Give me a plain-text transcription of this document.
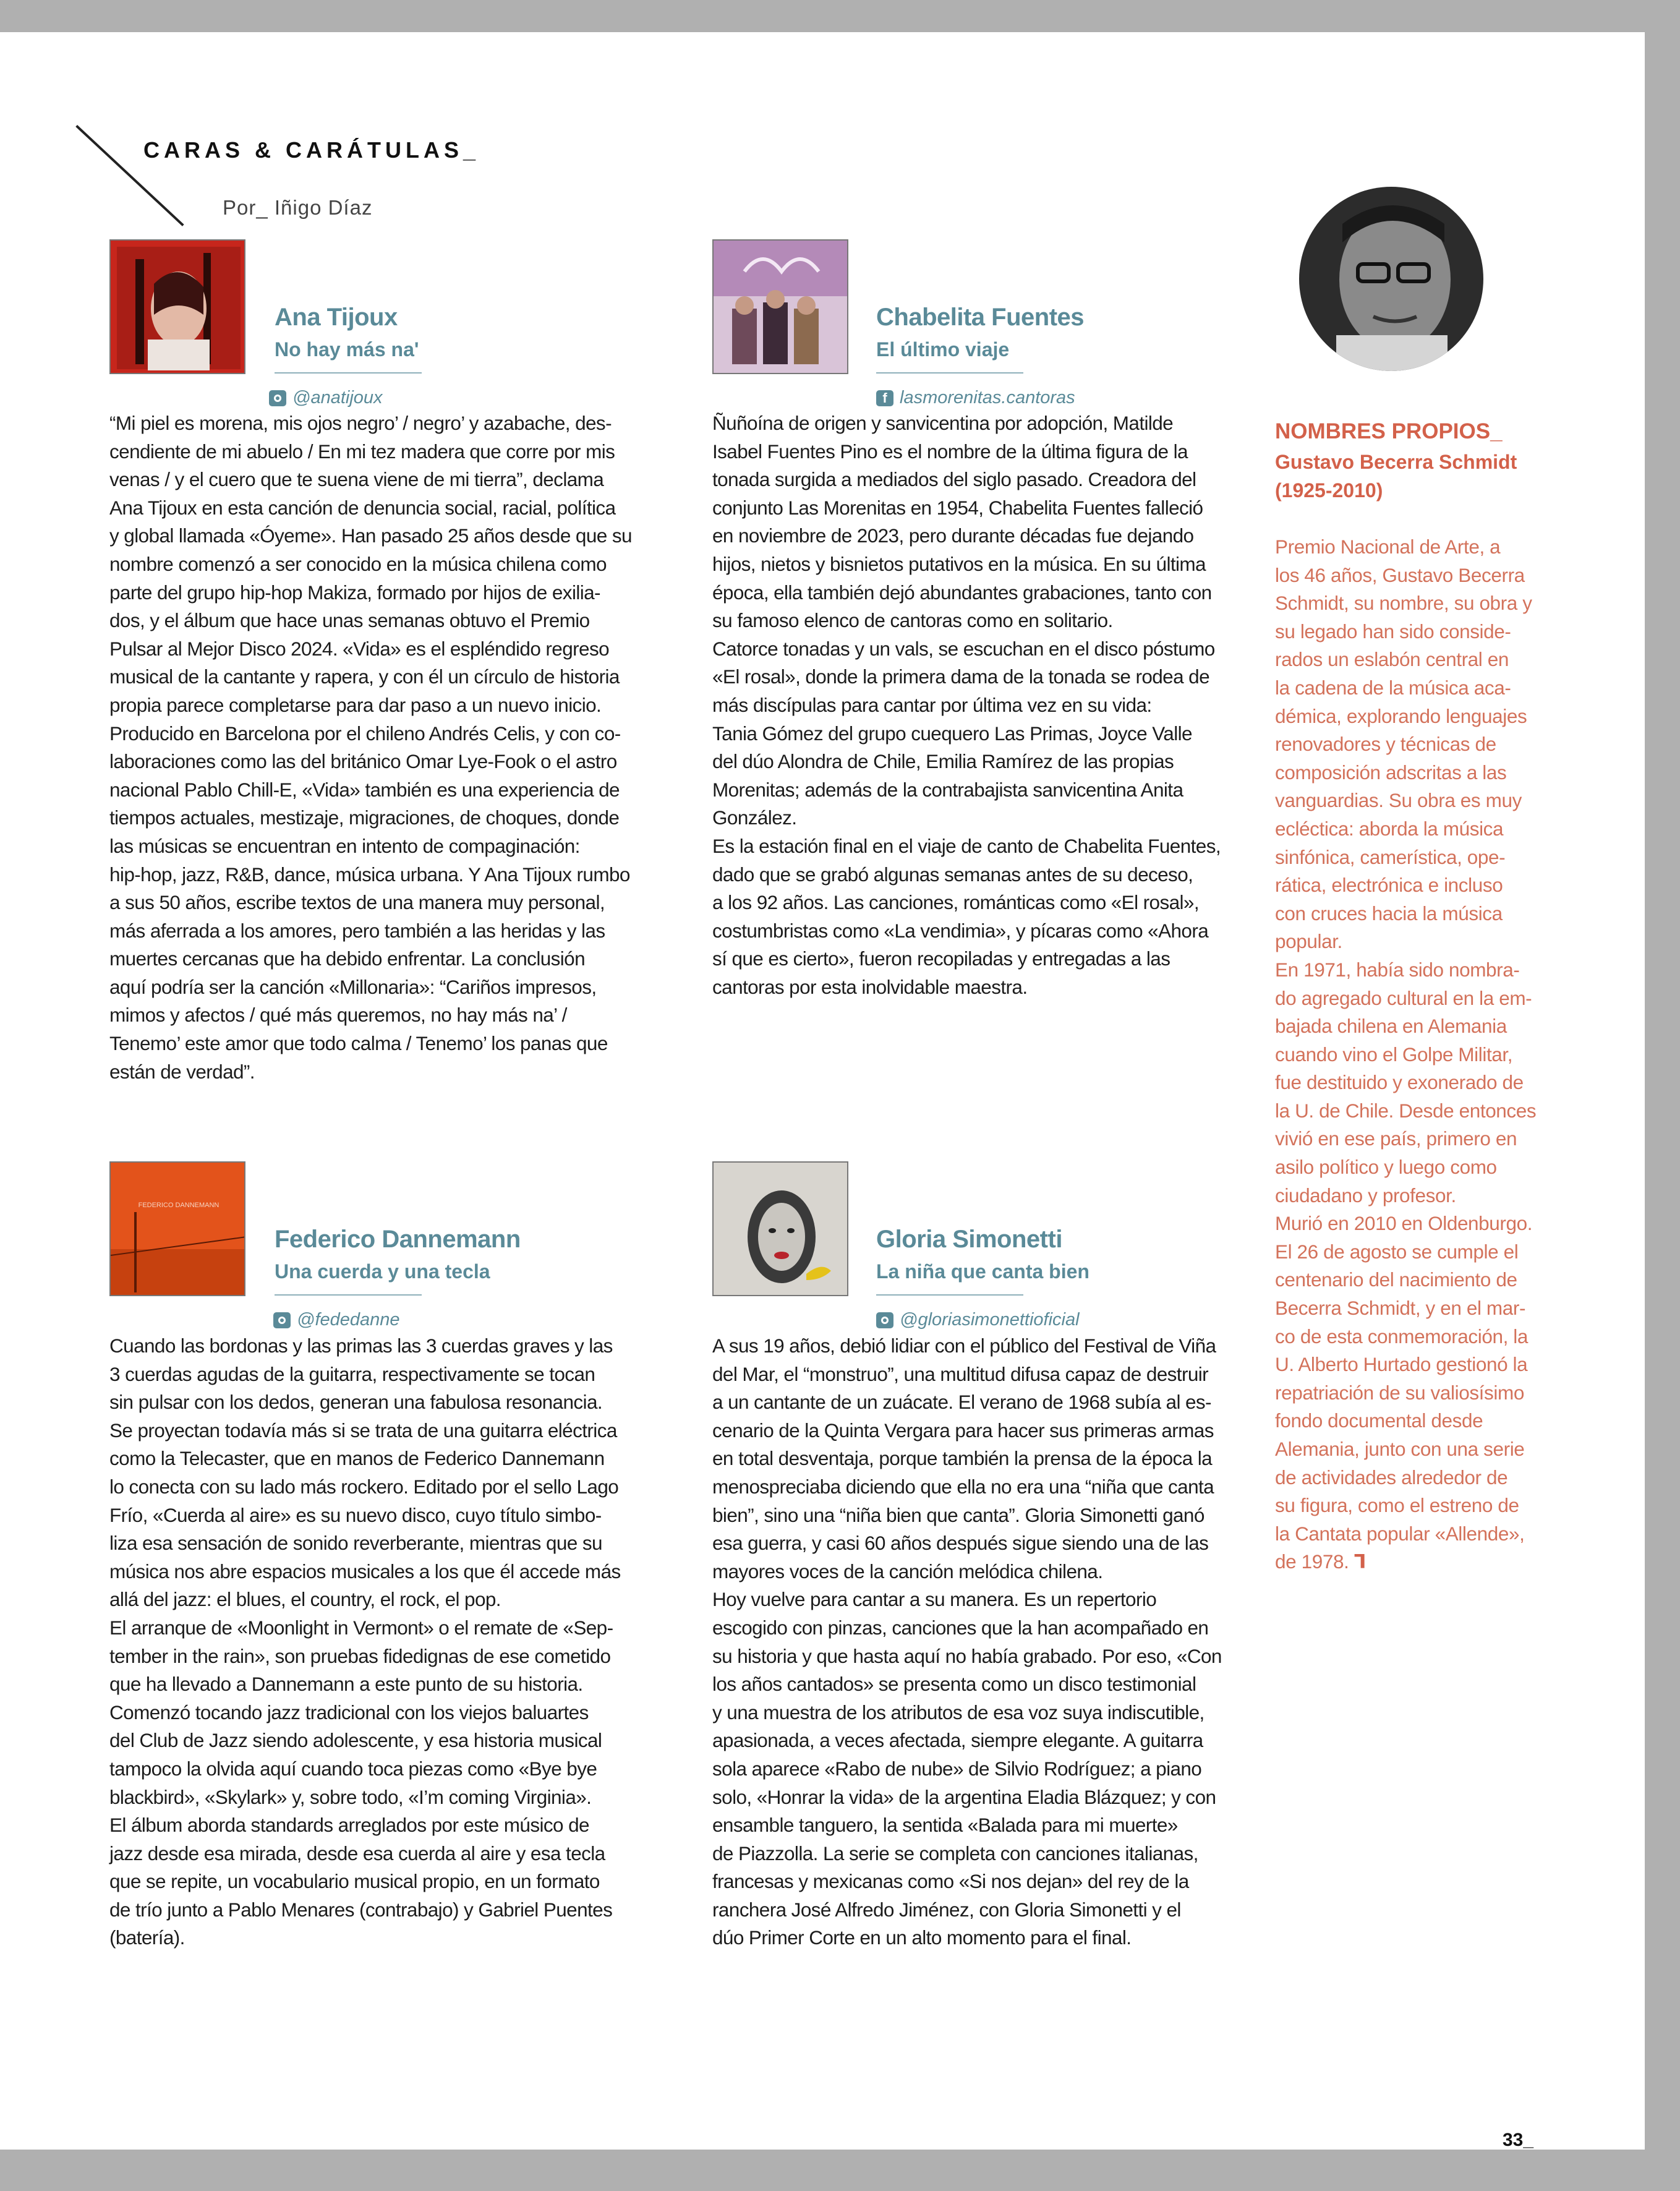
CARAS & CARÁTULAS_
Por_ Iñigo Díaz
Ana Tijoux
No hay más na'
@anatijoux

“Mi piel es morena, mis ojos negro’ / negro’ y azabache, des-

cendiente de mi abuelo / En mi tez madera que corre por mis

venas / y el cuero que te suena viene de mi tierra”, declama

Ana Tijoux en esta canción de denuncia social, racial, política

y global llamada «Óyeme». Han pasado 25 años desde que su

nombre comenzó a ser conocido en la música chilena como

parte del grupo hip-hop Makiza, formado por hijos de exilia-

dos, y el álbum que hace unas semanas obtuvo el Premio

Pulsar al Mejor Disco 2024. «Vida» es el espléndido regreso

musical de la cantante y rapera, y con él un círculo de historia

propia parece completarse para dar paso a un nuevo inicio.

Producido en Barcelona por el chileno Andrés Celis, y con co-

laboraciones como las del británico Omar Lye-Fook o el astro

nacional Pablo Chill-E, «Vida» también es una experiencia de

tiempos actuales, mestizaje, migraciones, de choques, donde

las músicas se encuentran en intento de compaginación:

hip-hop, jazz, R&B, dance, música urbana. Y Ana Tijoux rumbo

a sus 50 años, escribe textos de una manera muy personal,

más aferrada a los amores, pero también a las heridas y las

muertes cercanas que ha debido enfrentar. La conclusión

aquí podría ser la canción «Millonaria»: “Cariños impresos,

mimos y afectos / qué más queremos, no hay más na’ /

Tenemo’ este amor que todo calma / Tenemo’ los panas que

están de verdad”.

Chabelita Fuentes
El último viaje
f lasmorenitas.cantoras

Ñuñoína de origen y sanvicentina por adopción, Matilde

Isabel Fuentes Pino es el nombre de la última figura de la

tonada surgida a mediados del siglo pasado. Creadora del

conjunto Las Morenitas en 1954, Chabelita Fuentes falleció

en noviembre de 2023, pero durante décadas fue dejando

hijos, nietos y bisnietos putativos en la música. En su última

época, ella también dejó abundantes grabaciones, tanto con

su famoso elenco de cantoras como en solitario.

Catorce tonadas y un vals, se escuchan en el disco póstumo

«El rosal», donde la primera dama de la tonada se rodea de

más discípulas para cantar por última vez en su vida:

Tania Gómez del grupo cuequero Las Primas, Joyce Valle

del dúo Alondra de Chile, Emilia Ramírez de las propias

Morenitas; además de la contrabajista sanvicentina Anita

González.

Es la estación final en el viaje de canto de Chabelita Fuentes,

dado que se grabó algunas semanas antes de su deceso,

a los 92 años. Las canciones, románticas como «El rosal»,

costumbristas como «La vendimia», y pícaras como «Ahora

sí que es cierto», fueron recopiladas y entregadas a las

cantoras por esta inolvidable maestra.

FEDERICO DANNEMANN
Federico Dannemann
Una cuerda y una tecla
@fededanne

Cuando las bordonas y las primas las 3 cuerdas graves y las

3 cuerdas agudas de la guitarra, respectivamente se tocan

sin pulsar con los dedos, generan una fabulosa resonancia.

Se proyectan todavía más si se trata de una guitarra eléctrica

como la Telecaster, que en manos de Federico Dannemann

lo conecta con su lado más rockero. Editado por el sello Lago

Frío, «Cuerda al aire» es su nuevo disco, cuyo título simbo-

liza esa sensación de sonido reverberante, mientras que su

música nos abre espacios musicales a los que él accede más

allá del jazz: el blues, el country, el rock, el pop.

El arranque de «Moonlight in Vermont» o el remate de «Sep-

tember in the rain», son pruebas fidedignas de ese cometido

que ha llevado a Dannemann a este punto de su historia.

Comenzó tocando jazz tradicional con los viejos baluartes

del Club de Jazz siendo adolescente, y esa historia musical

tampoco la olvida aquí cuando toca piezas como «Bye bye

blackbird», «Skylark» y, sobre todo, «I’m coming Virginia».

El álbum aborda standards arreglados por este músico de

jazz desde esa mirada, desde esa cuerda al aire y esa tecla

que se repite, un vocabulario musical propio, en un formato

de trío junto a Pablo Menares (contrabajo) y Gabriel Puentes

(batería).

Gloria Simonetti
La niña que canta bien
@gloriasimonettioficial

A sus 19 años, debió lidiar con el público del Festival de Viña

del Mar, el “monstruo”, una multitud difusa capaz de destruir

a un cantante de un zuácate. El verano de 1968 subía al es-

cenario de la Quinta Vergara para hacer sus primeras armas

en total desventaja, porque también la prensa de la época la

menospreciaba diciendo que ella no era una “niña que canta

bien”, sino una “niña bien que canta”. Gloria Simonetti ganó

esa guerra, y casi 60 años después sigue siendo una de las

mayores voces de la canción melódica chilena.

Hoy vuelve para cantar a su manera. Es un repertorio

escogido con pinzas, canciones que la han acompañado en

su historia y que hasta aquí no había grabado. Por eso, «Con

los años cantados» se presenta como un disco testimonial

y una muestra de los atributos de esa voz suya indiscutible,

apasionada, a veces afectada, siempre elegante. A guitarra

sola aparece «Rabo de nube» de Silvio Rodríguez; a piano

solo, «Honrar la vida» de la argentina Eladia Blázquez; y con

ensamble tanguero, la sentida «Balada para mi muerte»

de Piazzolla. La serie se completa con canciones italianas,

francesas y mexicanas como «Si nos dejan» del rey de la

ranchera José Alfredo Jiménez, con Gloria Simonetti y el

dúo Primer Corte en un alto momento para el final.

NOMBRES PROPIOS_
Gustavo Becerra Schmidt
(1925-2010)

Premio Nacional de Arte, a

los 46 años, Gustavo Becerra

Schmidt, su nombre, su obra y

su legado han sido conside-

rados un eslabón central en

la cadena de la música aca-

démica, explorando lenguajes

renovadores y técnicas de

composición adscritas a las

vanguardias. Su obra es muy

ecléctica: aborda la música

sinfónica, camerística, ope-

rática, electrónica e incluso

con cruces hacia la música

popular.

En 1971, había sido nombra-

do agregado cultural en la em-

bajada chilena en Alemania

cuando vino el Golpe Militar,

fue destituido y exonerado de

la U. de Chile. Desde entonces

vivió en ese país, primero en

asilo político y luego como

ciudadano y profesor.

Murió en 2010 en Oldenburgo.

El 26 de agosto se cumple el

centenario del nacimiento de

Becerra Schmidt, y en el mar-

co de esta conmemoración, la

U. Alberto Hurtado gestionó la

repatriación de su valiosísimo

fondo documental desde

Alemania, junto con una serie

de actividades alrededor de

su figura, como el estreno de

la Cantata popular «Allende»,

de 1978. ᒣ

33_
